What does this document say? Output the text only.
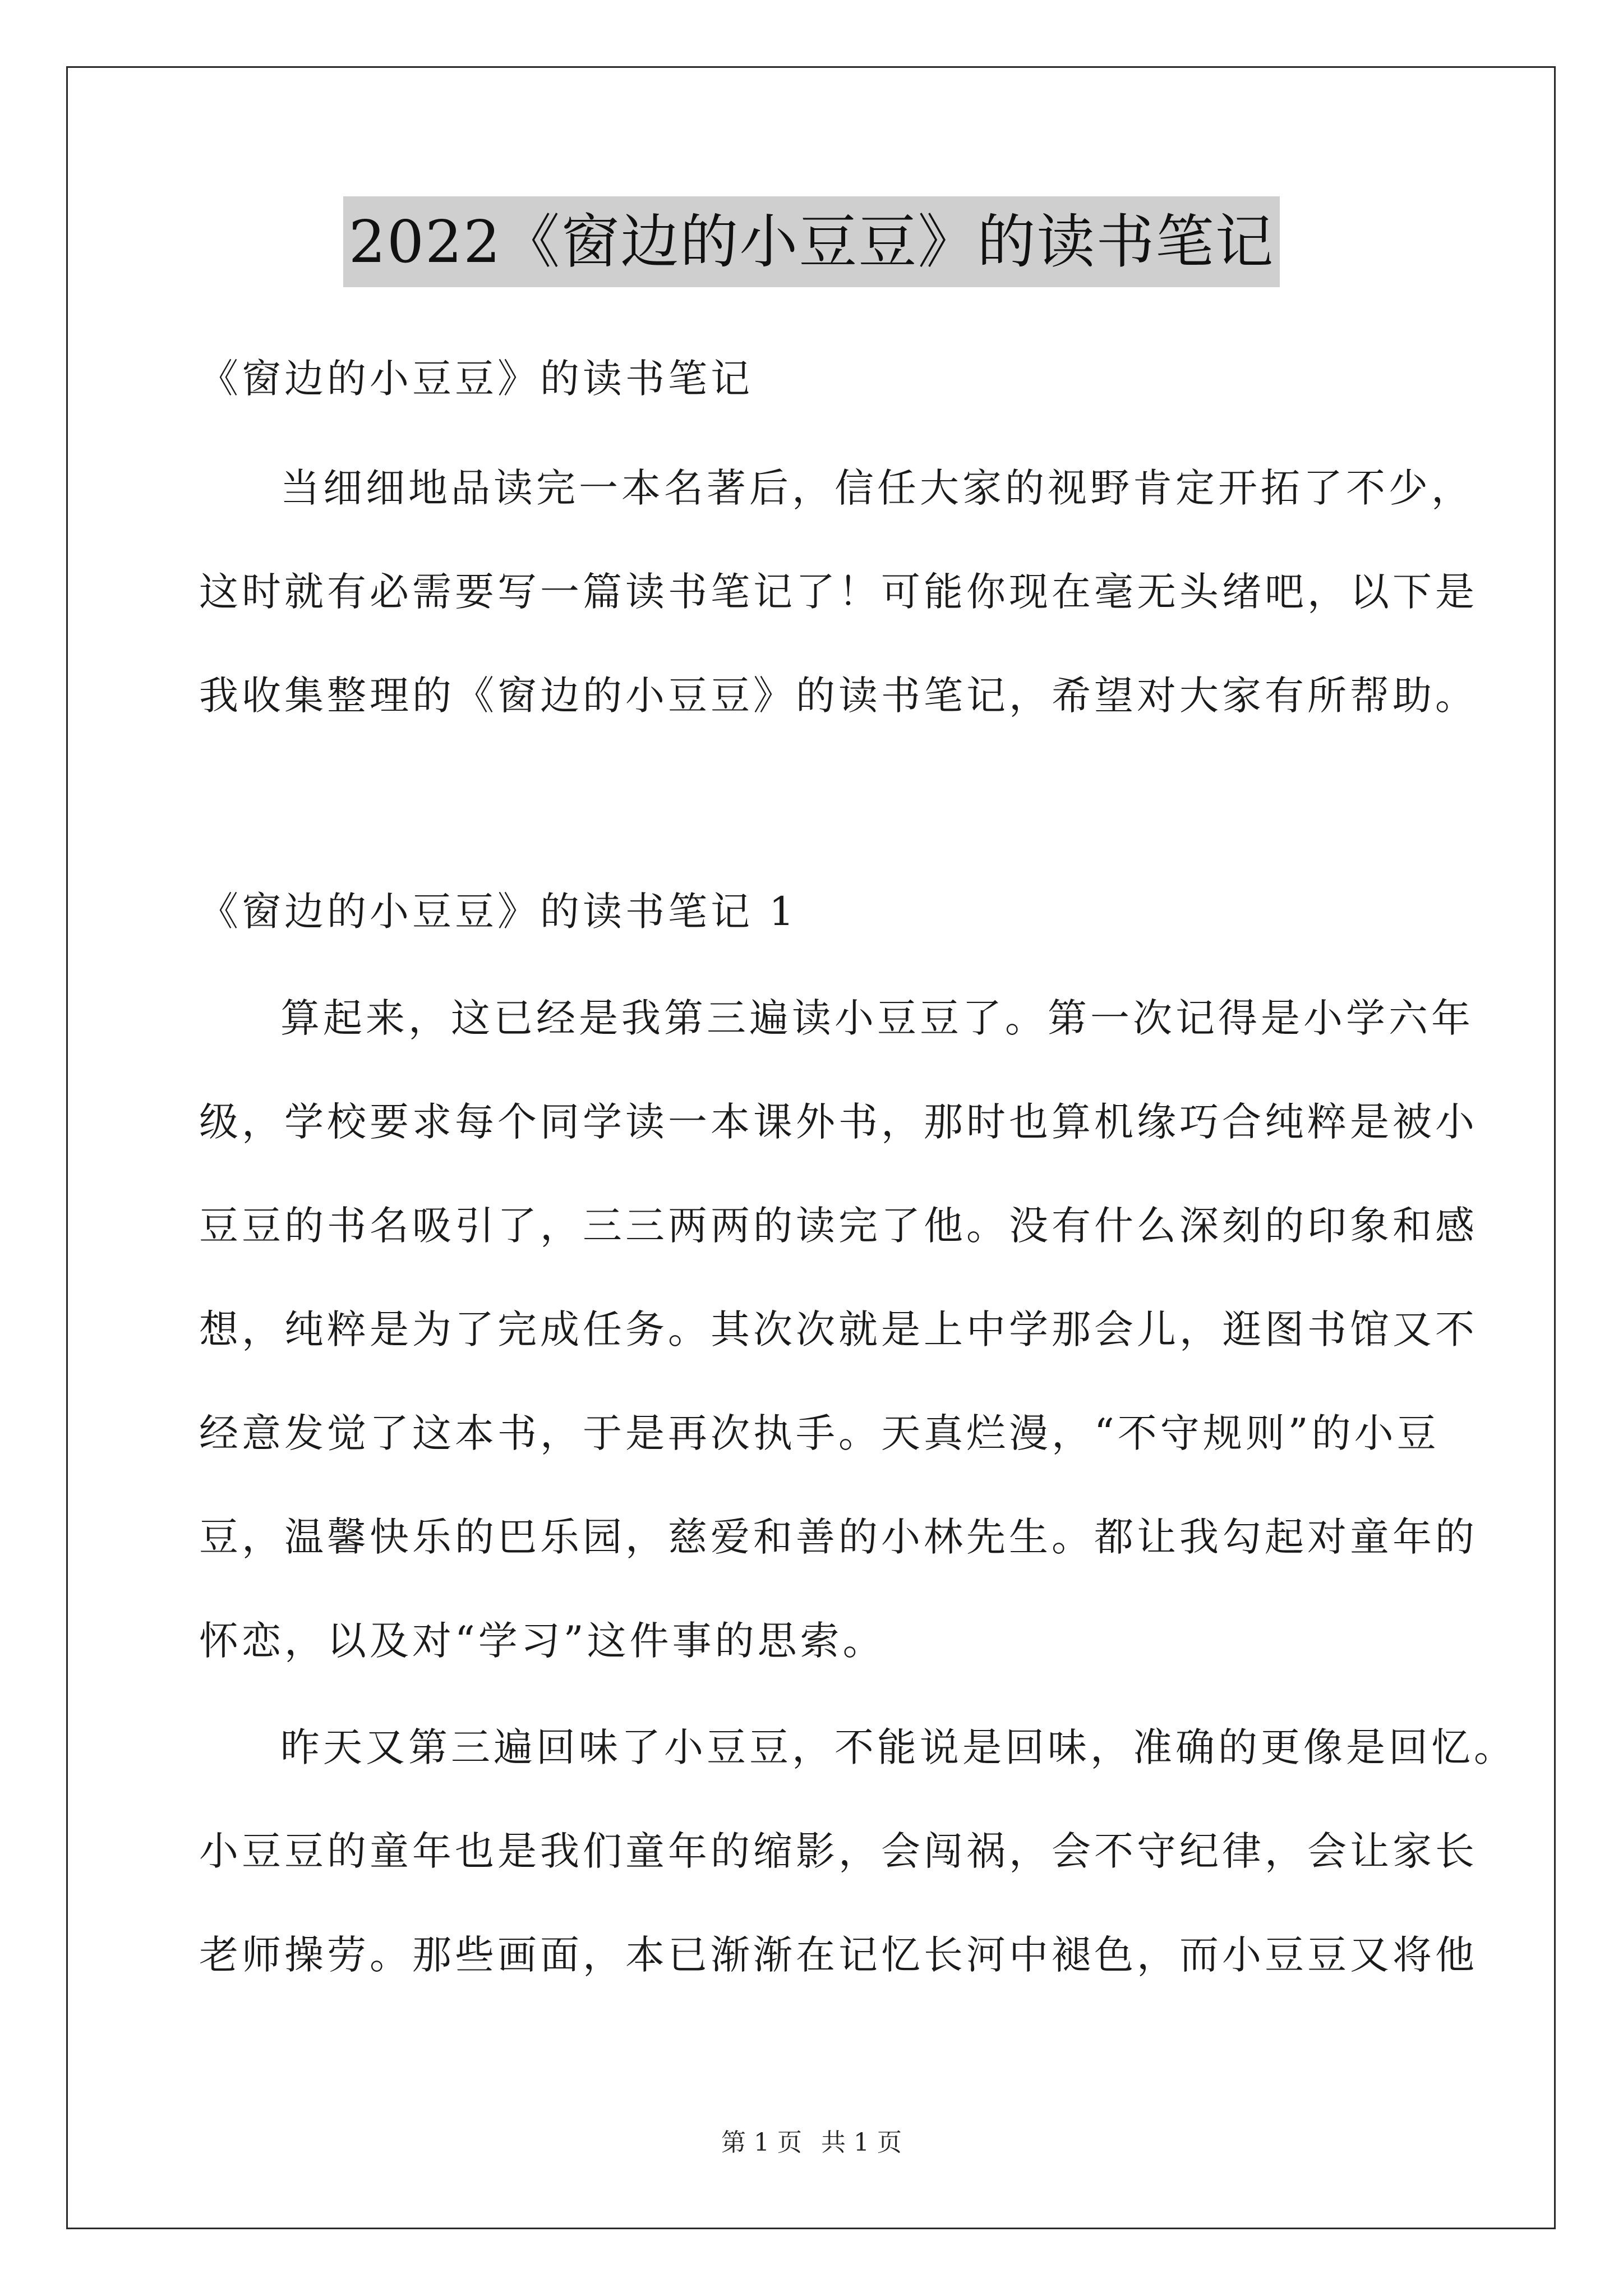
2022《窗边的小豆豆》的读书笔记
《窗边的小豆豆》的读书笔记
当细细地品读完一本名著后，信任大家的视野肯定开拓了不少，
这时就有必需要写一篇读书笔记了！可能你现在毫无头绪吧，以下是
我收集整理的《窗边的小豆豆》的读书笔记，希望对大家有所帮助。
《窗边的小豆豆》的读书笔记 1
算起来，这已经是我第三遍读小豆豆了。第一次记得是小学六年
级，学校要求每个同学读一本课外书，那时也算机缘巧合纯粹是被小
豆豆的书名吸引了，三三两两的读完了他。没有什么深刻的印象和感
想，纯粹是为了完成任务。其次次就是上中学那会儿，逛图书馆又不
经意发觉了这本书，于是再次执手。天真烂漫，“不守规则”的小豆
豆，温馨快乐的巴乐园，慈爱和善的小林先生。都让我勾起对童年的
怀恋，以及对“学习”这件事的思索。
昨天又第三遍回味了小豆豆，不能说是回味，准确的更像是回忆。
小豆豆的童年也是我们童年的缩影，会闯祸，会不守纪律，会让家长
老师操劳。那些画面，本已渐渐在记忆长河中褪色，而小豆豆又将他
第 1 页 共 1 页
